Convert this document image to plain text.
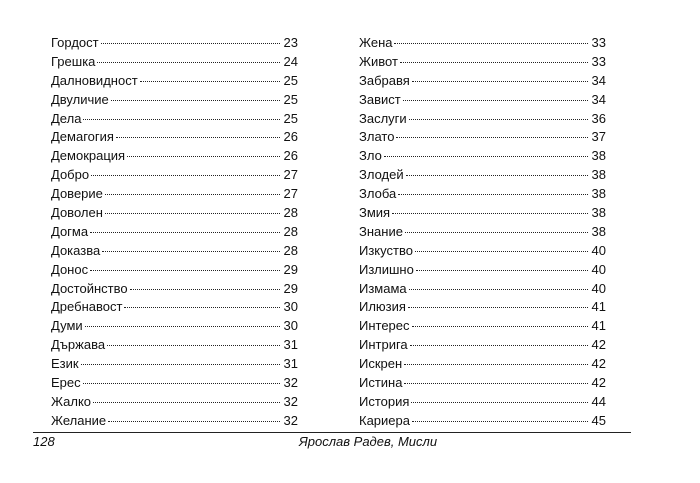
Гордост	23
Грешка	24
Далновидност	25
Двуличие	25
Дела	25
Демагогия	26
Демокрация	26
Добро	27
Доверие	27
Доволен	28
Догма	28
Доказва	28
Донос	29
Достойнство	29
Дребнавост	30
Думи	30
Държава	31
Език	31
Ерес	32
Жалко	32
Желание	32
Жена	33
Живот	33
Забравя	34
Завист	34
Заслуги	36
Злато	37
Зло	38
Злодей	38
Злоба	38
Змия	38
Знание	38
Изкуство	40
Излишно	40
Измама	40
Илюзия	41
Интерес	41
Интрига	42
Искрен	42
Истина	42
История	44
Кариера	45
128	Ярослав Радев, Мисли
